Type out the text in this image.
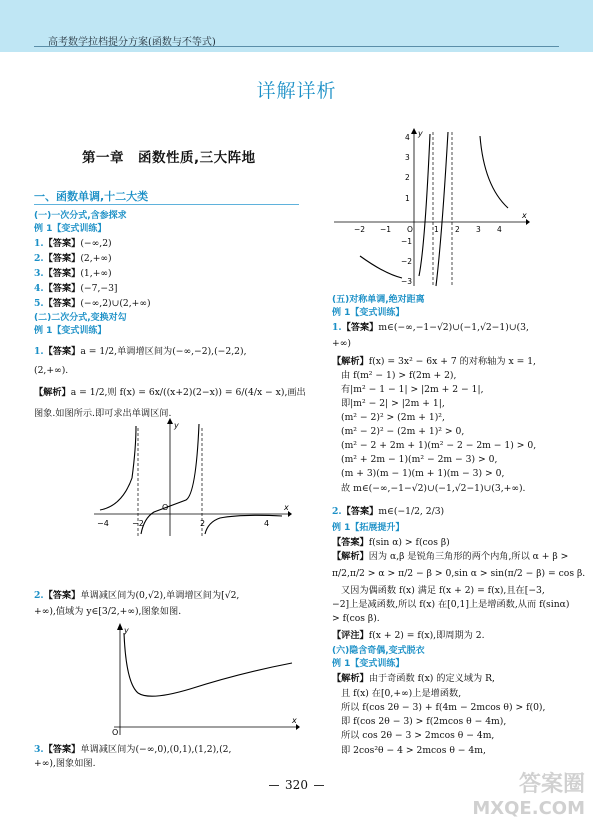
高考数学拉档提分方案(函数与不等式)
详解详析
第一章　函数性质,三大阵地
一、函数单调,十二大类
(一)一次分式,含参探求
例 1【变式训练】
1.【答案】(−∞,2)
2.【答案】(2,+∞)
3.【答案】(1,+∞)
4.【答案】(−7,−3]
5.【答案】(−∞,2)∪(2,+∞)
(二)二次分式,变换对勾
例 1【变式训练】
1.【答案】a = 1/2,单调增区间为(−∞,−2),(−2,2),
(2,+∞).
【解析】a = 1/2,则 f(x) = 6x/((x+2)(2−x)) = 6/(4/x − x),画出
图象.如图所示.即可求出单调区间.
2.【答案】单调减区间为(0,√2),单调增区间为[√2,
+∞),值域为 y∈[3/2,+∞),图象如图.
3.【答案】单调减区间为(−∞,0),(0,1),(1,2),(2,
+∞),图象如图.
(五)对称单调,绝对距离
例 1【变式训练】
1.【答案】m∈(−∞,−1−√2)∪(−1,√2−1)∪(3,
+∞)
【解析】f(x) = 3x² − 6x + 7 的对称轴为 x = 1,
由 f(m² − 1) > f(2m + 2),
有|m² − 1 − 1| > |2m + 2 − 1|,
即|m² − 2| > |2m + 1|,
(m² − 2)² > (2m + 1)²,
(m² − 2)² − (2m + 1)² > 0,
(m² − 2 + 2m + 1)(m² − 2 − 2m − 1) > 0,
(m² + 2m − 1)(m² − 2m − 3) > 0,
(m + 3)(m − 1)(m + 1)(m − 3) > 0,
故 m∈(−∞,−1−√2)∪(−1,√2−1)∪(3,+∞).
2.【答案】m∈(−1/2, 2/3)
例 1【拓展提升】
【答案】f(sin α) > f(cos β)
【解析】因为 α,β 是锐角三角形的两个内角,所以 α + β >
π/2,π/2 > α > π/2 − β > 0,sin α > sin(π/2 − β) = cos β.
又因为偶函数 f(x) 满足 f(x + 2) = f(x),且在[−3,
−2]上是减函数,所以 f(x) 在[0,1]上是增函数,从而 f(sinα)
> f(cos β).
【评注】f(x + 2) = f(x),即周期为 2.
(六)隐含奇偶,变式脱衣
例 1【变式训练】
【解析】由于奇函数 f(x) 的定义域为 R,
且 f(x) 在[0,+∞)上是增函数,
所以 f(cos 2θ − 3) + f(4m − 2mcos θ) > f(0),
即 f(cos 2θ − 3) > f(2mcos θ − 4m),
所以 cos 2θ − 3 > 2mcos θ − 4m,
即 2cos²θ − 4 > 2mcos θ − 4m,
−4	−2
O
2	4
x
y
O
x
y
−2 −1 O	1 2 3 4
4
3
2
1
−1
−2
−3
x
y
320	答案圈
MXQE.COM
